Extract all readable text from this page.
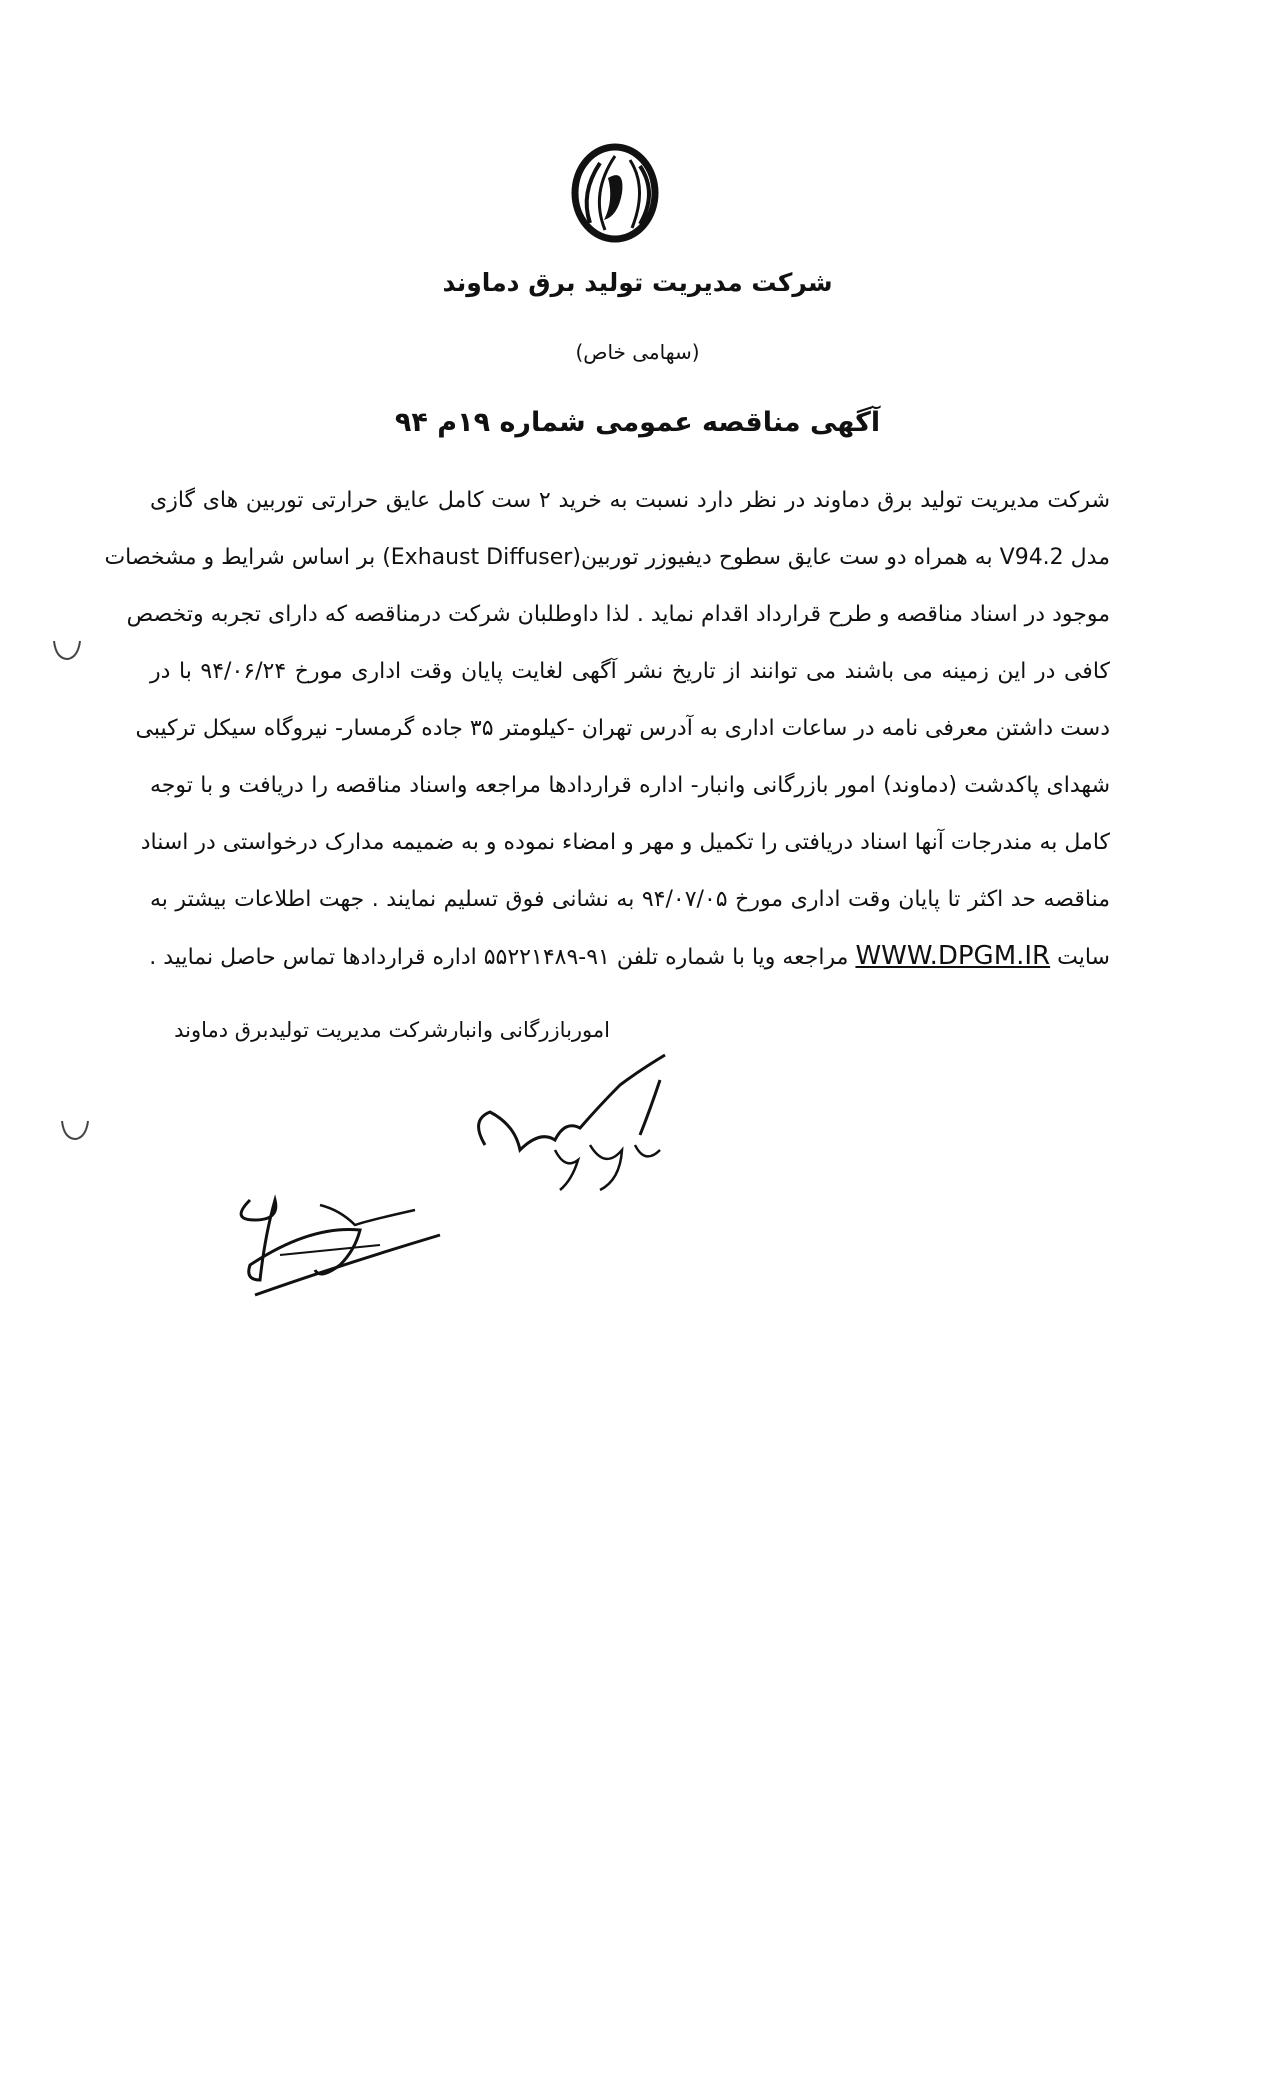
شرکت مدیریت تولید برق دماوند
(سهامی خاص)
آگهی مناقصه عمومی شماره ۱۹م ۹۴
شرکت مدیریت تولید برق دماوند در نظر دارد نسبت به خرید ۲ ست کامل عایق حرارتی توربین های گازی
مدل V94.2 به همراه دو ست عایق سطوح دیفیوزر توربین(Exhaust Diffuser) بر اساس شرایط و مشخصات
موجود در اسناد مناقصه و طرح قرارداد اقدام نماید . لذا داوطلبان شرکت درمناقصه که دارای تجربه وتخصص
کافی در این زمینه می باشند می توانند از تاریخ نشر آگهی لغایت پایان وقت اداری مورخ ۹۴/۰۶/۲۴ با در
دست داشتن معرفی نامه در ساعات اداری به آدرس تهران -کیلومتر ۳۵ جاده گرمسار- نیروگاه سیکل ترکیبی
شهدای پاکدشت (دماوند) امور بازرگانی وانبار- اداره قراردادها مراجعه واسناد مناقصه را دریافت و با توجه
کامل به مندرجات آنها اسناد دریافتی را تکمیل و مهر و امضاء نموده و به ضمیمه مدارک درخواستی در اسناد
مناقصه حد اکثر تا پایان وقت اداری مورخ ۹۴/۰۷/۰۵ به نشانی فوق تسلیم نمایند . جهت اطلاعات بیشتر به
سایت WWW.DPGM.IR مراجعه ویا با شماره تلفن ۹۱-۵۵۲۲۱۴۸۹ اداره قراردادها تماس حاصل نمایید .
اموربازرگانی وانبارشرکت مدیریت تولیدبرق دماوند
